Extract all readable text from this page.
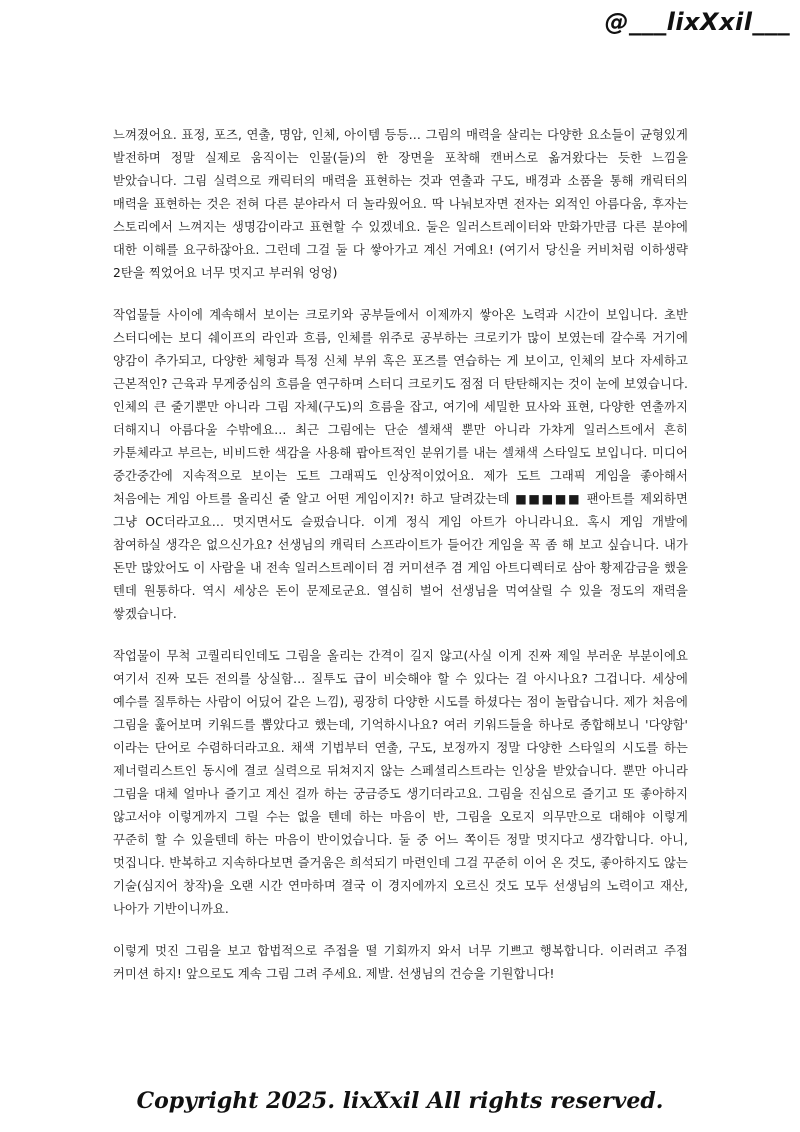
@___lixXxil___

느껴졌어요. 표정, 포즈, 연출, 명암, 인체, 아이템 등등… 그림의 매력을 살리는 다양한 요소들이 균형있게 발전하며 정말 실제로 움직이는 인물(들)의 한 장면을 포착해 캔버스로 옮겨왔다는 듯한 느낌을 받았습니다. 그림 실력으로 캐릭터의 매력을 표현하는 것과 연출과 구도, 배경과 소품을 통해 캐릭터의 매력을 표현하는 것은 전혀 다른 분야라서 더 놀라웠어요. 딱 나눠보자면 전자는 외적인 아름다움, 후자는 스토리에서 느껴지는 생명감이라고 표현할 수 있겠네요. 둘은 일러스트레이터와 만화가만큼 다른 분야에 대한 이해를 요구하잖아요. 그런데 그걸 둘 다 쌓아가고 계신 거예요! (여기서 당신을 커비처럼 이하생략 2탄을 찍었어요 너무 멋지고 부러워 엉엉)

작업물들 사이에 계속해서 보이는 크로키와 공부들에서 이제까지 쌓아온 노력과 시간이 보입니다. 초반 스터디에는 보디 쉐이프의 라인과 흐름, 인체를 위주로 공부하는 크로키가 많이 보였는데 갈수록 거기에 양감이 추가되고, 다양한 체형과 특정 신체 부위 혹은 포즈를 연습하는 게 보이고, 인체의 보다 자세하고 근본적인? 근육과 무게중심의 흐름을 연구하며 스터디 크로키도 점점 더 탄탄해지는 것이 눈에 보였습니다. 인체의 큰 줄기뿐만 아니라 그림 자체(구도)의 흐름을 잡고, 여기에 세밀한 묘사와 표현, 다양한 연출까지 더해지니 아름다울 수밖에요… 최근 그림에는 단순 셀채색 뿐만 아니라 가챠게 일러스트에서 흔히 카툰체라고 부르는, 비비드한 색감을 사용해 팝아트적인 분위기를 내는 셀채색 스타일도 보입니다. 미디어 중간중간에 지속적으로 보이는 도트 그래픽도 인상적이었어요. 제가 도트 그래픽 게임을 좋아해서 처음에는 게임 아트를 올리신 줄 알고 어떤 게임이지?! 하고 달려갔는데 ■■■■■ 팬아트를 제외하면 그냥 OC더라고요… 멋지면서도 슬펐습니다. 이게 정식 게임 아트가 아니라니요. 혹시 게임 개발에 참여하실 생각은 없으신가요? 선생님의 캐릭터 스프라이트가 들어간 게임을 꼭 좀 해 보고 싶습니다. 내가 돈만 많았어도 이 사람을 내 전속 일러스트레이터 겸 커미션주 겸 게임 아트디렉터로 삼아 황제감금을 했을 텐데 원통하다. 역시 세상은 돈이 문제로군요. 열심히 벌어 선생님을 먹여살릴 수 있을 정도의 재력을 쌓겠습니다.

작업물이 무척 고퀄리티인데도 그림을 올리는 간격이 길지 않고(사실 이게 진짜 제일 부러운 부분이에요 여기서 진짜 모든 전의를 상실함… 질투도 급이 비슷해야 할 수 있다는 걸 아시나요? 그겁니다. 세상에 예수를 질투하는 사람이 어딨어 같은 느낌), 굉장히 다양한 시도를 하셨다는 점이 놀랍습니다. 제가 처음에 그림을 훑어보며 키워드를 뽑았다고 했는데, 기억하시나요? 여러 키워드들을 하나로 종합해보니 '다양함' 이라는 단어로 수렴하더라고요. 채색 기법부터 연출, 구도, 보정까지 정말 다양한 스타일의 시도를 하는 제너럴리스트인 동시에 결코 실력으로 뒤쳐지지 않는 스페셜리스트라는 인상을 받았습니다. 뿐만 아니라 그림을 대체 얼마나 즐기고 계신 걸까 하는 궁금증도 생기더라고요. 그림을 진심으로 즐기고 또 좋아하지 않고서야 이렇게까지 그릴 수는 없을 텐데 하는 마음이 반, 그림을 오로지 의무만으로 대해야 이렇게 꾸준히 할 수 있을텐데 하는 마음이 반이었습니다. 둘 중 어느 쪽이든 정말 멋지다고 생각합니다. 아니, 멋집니다. 반복하고 지속하다보면 즐거움은 희석되기 마련인데 그걸 꾸준히 이어 온 것도, 좋아하지도 않는 기술(심지어 창작)을 오랜 시간 연마하며 결국 이 경지에까지 오르신 것도 모두 선생님의 노력이고 재산, 나아가 기반이니까요.

이렇게 멋진 그림을 보고 합법적으로 주접을 떨 기회까지 와서 너무 기쁘고 행복합니다. 이러려고 주접 커미션 하지! 앞으로도 계속 그림 그려 주세요. 제발. 선생님의 건승을 기원합니다!

Copyright 2025. lixXxil All rights reserved.
